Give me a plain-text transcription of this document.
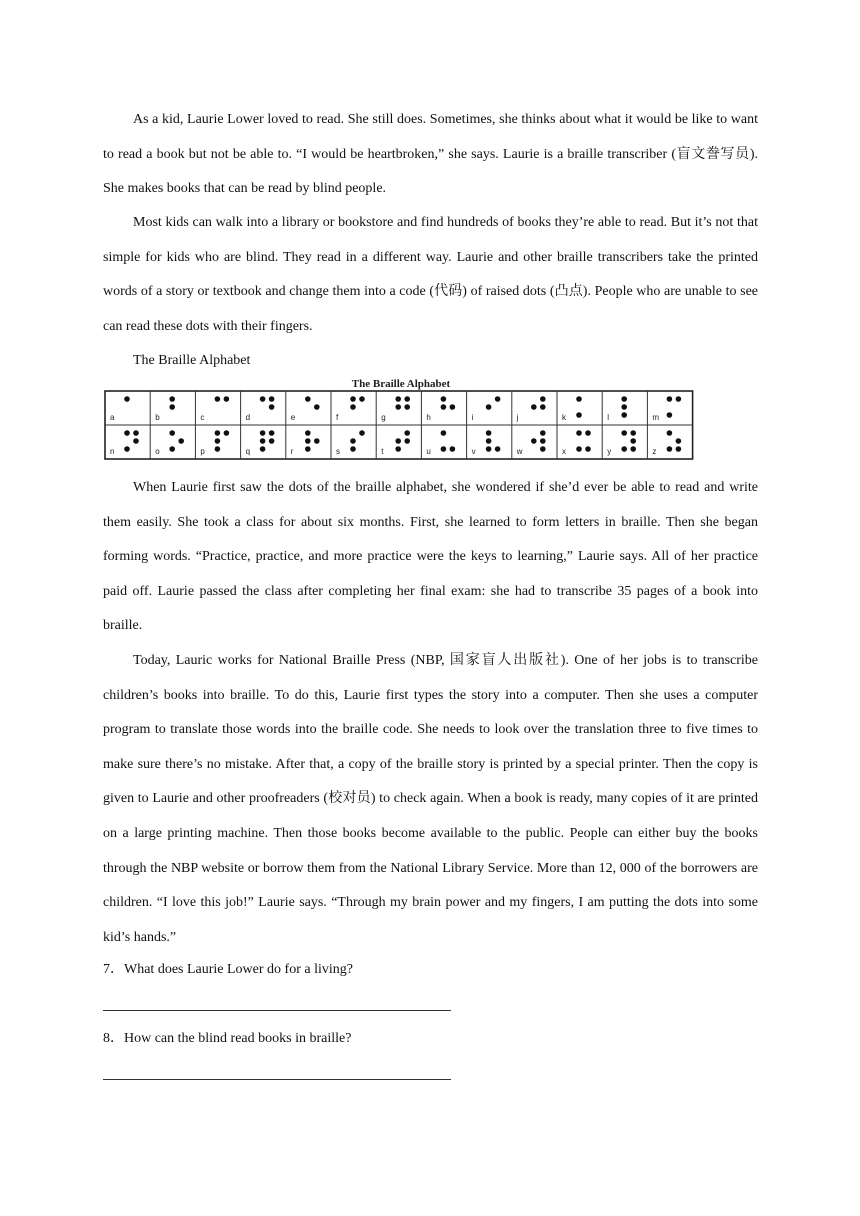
As a kid, Laurie Lower loved to read. She still does. Sometimes, she thinks about what it would be like to want to read a book but not be able to. “I would be heartbroken,” she says. Laurie is a braille transcriber (盲文誊写员). She makes books that can be read by blind people.

Most kids can walk into a library or bookstore and find hundreds of books they’re able to read. But it’s not that simple for kids who are blind. They read in a different way. Laurie and other braille transcribers take the printed words of a story or textbook and change them into a code (代码) of raised dots (凸点). People who are unable to see can read these dots with their fingers.

The Braille Alphabet

The Braille Alphabet
a	b	c	d	e	f	g	h	i	j	k	l	m
n	o	p	q	r	s	t	u	v	w	x	y	z

When Laurie first saw the dots of the braille alphabet, she wondered if she’d ever be able to read and write them easily. She took a class for about six months. First, she learned to form letters in braille. Then she began forming words. “Practice, practice, and more practice were the keys to learning,” Laurie says. All of her practice paid off. Laurie passed the class after completing her final exam: she had to transcribe 35 pages of a book into braille.

Today, Lauric works for National Braille Press (NBP, 国家盲人出版社). One of her jobs is to transcribe children’s books into braille. To do this, Laurie first types the story into a computer. Then she uses a computer program to translate those words into the braille code. She needs to look over the translation three to five times to make sure there’s no mistake. After that, a copy of the braille story is printed by a special printer. Then the copy is given to Laurie and other proofreaders (校对员) to check again. When a book is ready, many copies of it are printed on a large printing machine. Then those books become available to the public. People can either buy the books through the NBP website or borrow them from the National Library Service. More than 12, 000 of the borrowers are children. “I love this job!” Laurie says. “Through my brain power and my fingers, I am putting the dots into some kid’s hands.”

7．What does Laurie Lower do for a living?

8．How can the blind read books in braille?
